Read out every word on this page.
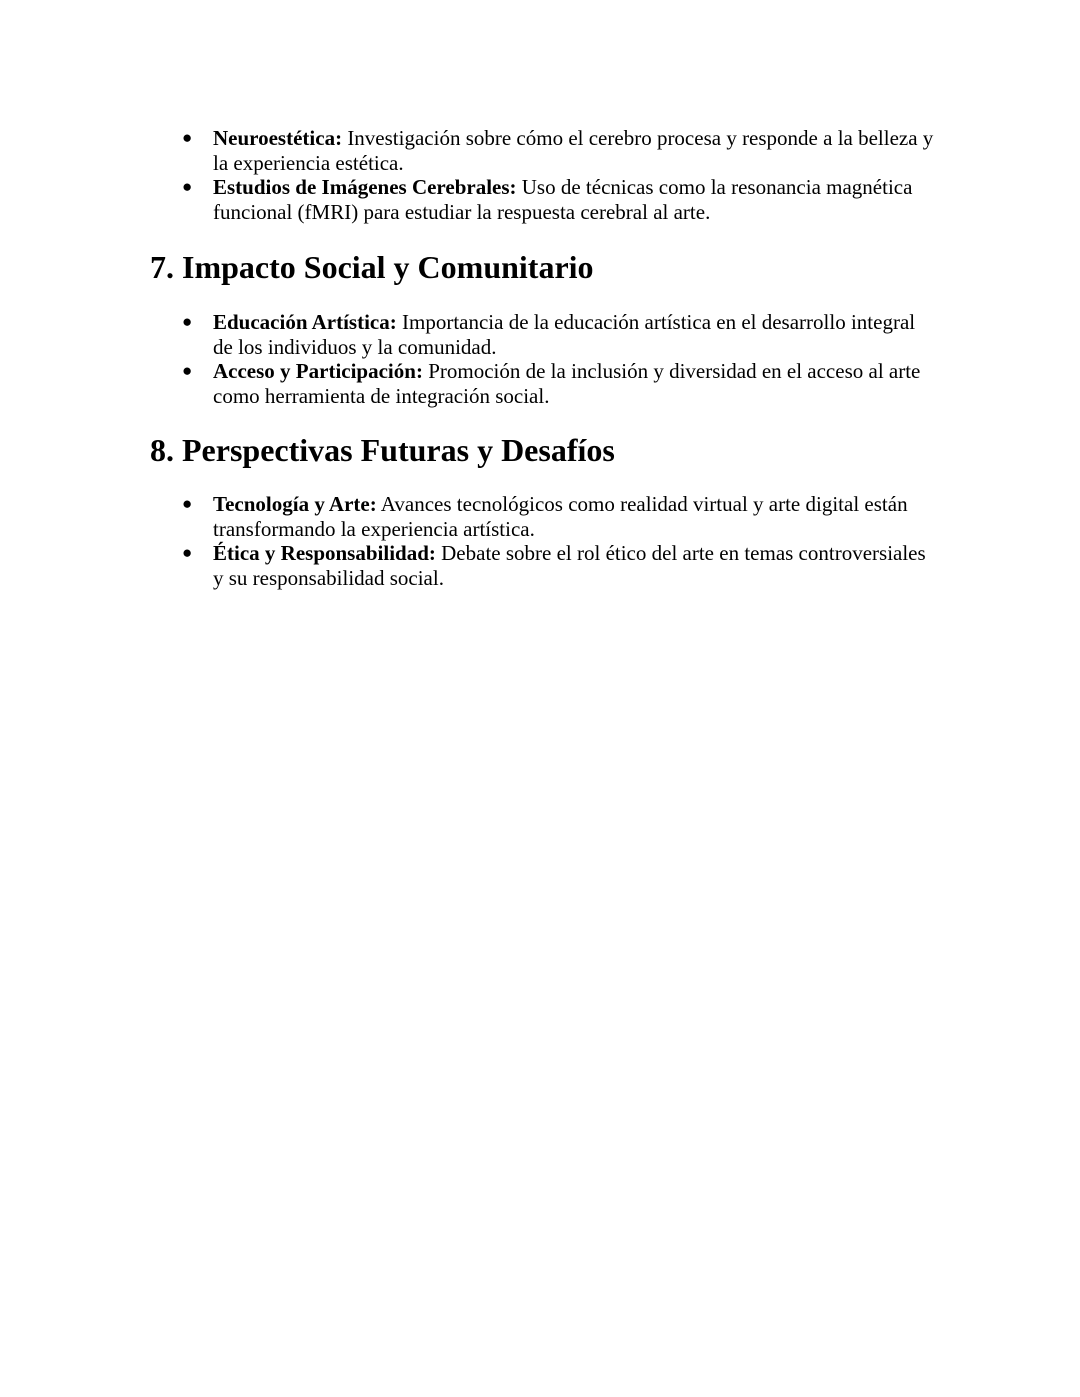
● Neuroestética: Investigación sobre cómo el cerebro procesa y responde a la belleza y la experiencia estética.
● Estudios de Imágenes Cerebrales: Uso de técnicas como la resonancia magnética funcional (fMRI) para estudiar la respuesta cerebral al arte.
7. Impacto Social y Comunitario
● Educación Artística: Importancia de la educación artística en el desarrollo integral de los individuos y la comunidad.
● Acceso y Participación: Promoción de la inclusión y diversidad en el acceso al arte como herramienta de integración social.
8. Perspectivas Futuras y Desafíos
● Tecnología y Arte: Avances tecnológicos como realidad virtual y arte digital están transformando la experiencia artística.
● Ética y Responsabilidad: Debate sobre el rol ético del arte en temas controversiales y su responsabilidad social.
